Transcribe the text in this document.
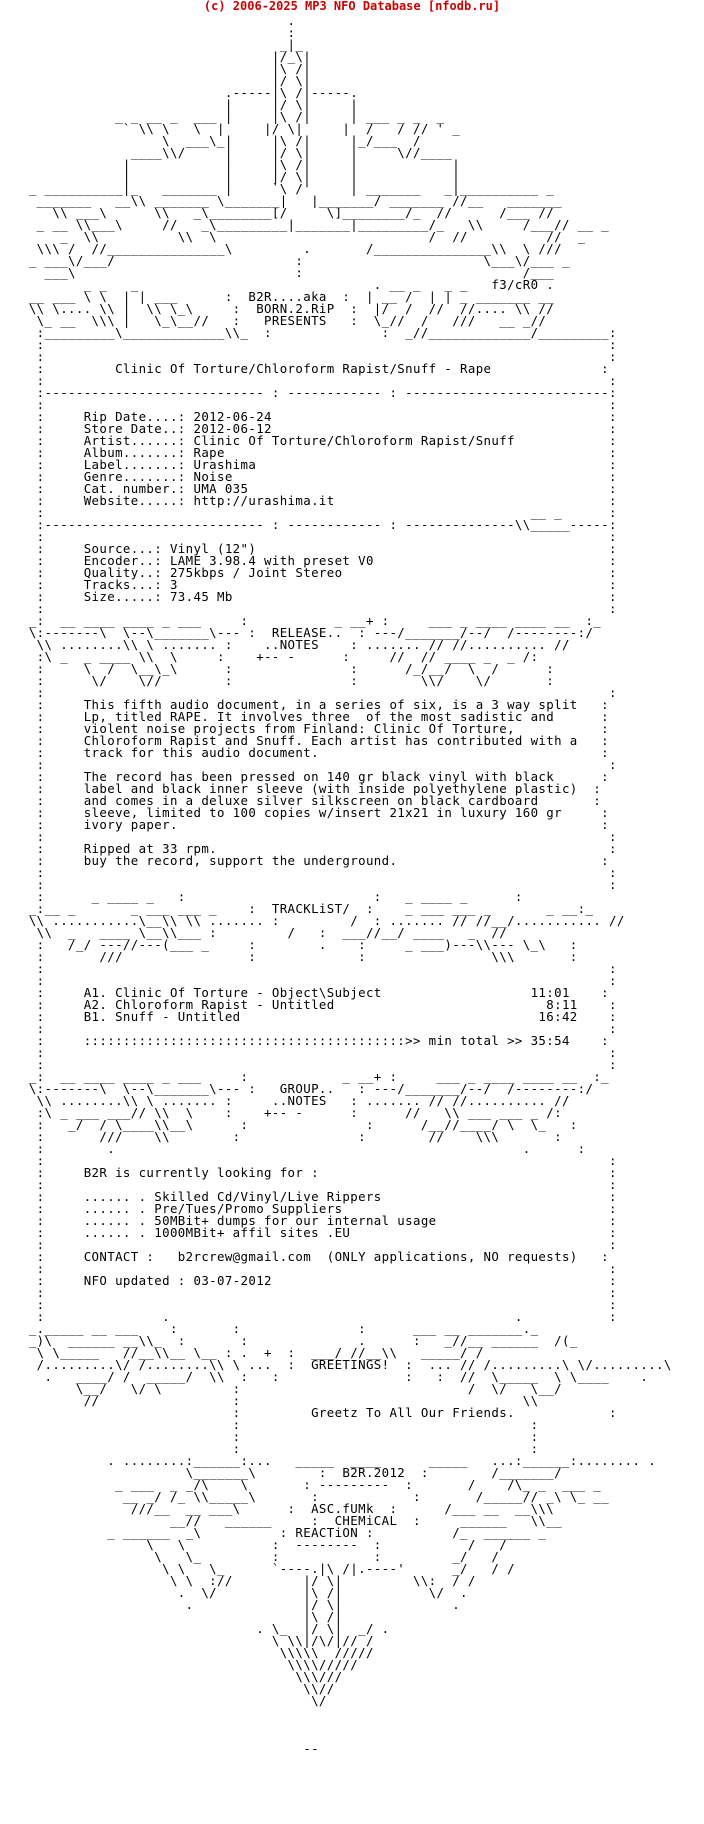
(c) 2006-2025 MP3 NFO Database [nfodb.ru]
.
:
_|_
|/_\|
|\ /|
|/ \|
.-----|\ /|-----.
|     |/ \|     |
_ _ __ _  ___ |     |\ /|     | ___ _ _  _
` \\ \   \  |     |/ \|     |  /   / // ' _
\  ___\_|     |\ /|     |_/___  /
____\\/     |     |/ \|     |     \//____
|            |     |\ /|     |            |
|            |     |/ \|     |            |
_ __________|_   _______ |     `\ /'     | _______   _|__________ _
_______   __\\ _______ \_______|   |_______/ _______ //__   _______
\\ ___\      \\   _\________[/     \]________/_  //      /___ //
_ __ \\___\     //   _\_________|_______|_________/_   \\     /___// __ _
_  \\          \\  \                           /  //          //  _
\\\ /  //_______________\         .       /_______________\\  \ ///
_ ___\/___/                       :                       \___\/___ _
___\                            :                            /___
_ _   _                              . __ _   _ _   f3/cR0 .
__ ___ \ \  | | ___      :  B2R....aka  :  | __ /  | | _ _______ __
\\ \.... \\ |  \\ \_\     :  BORN.2.RiP  :  |/  /  //  //.... \\ //
\_ __  \\\ |   \_\__//   :   PRESENTS   :  \_//  /   ///   __ _//
:_________\_____________\\_  :              :  _//_____________/_________:
:                                                                        :
:                                                                        :
:         Clinic Of Torture/Chloroform Rapist/Snuff - Rape              :
:                                                                        :
:---------------------------- : ------------ : --------------------------:
:                                                                        :
:     Rip Date....: 2012-06-24                                           :
:     Store Date..: 2012-06-12                                           :
:     Artist......: Clinic Of Torture/Chloroform Rapist/Snuff            :
:     Album.......: Rape                                                 :
:     Label.......: Urashima                                             :
:     Genre.......: Noise                                                :
:     Cat. number.: UMA 035                                              :
:     Website.....: http://urashima.it                                   :
:                                                              __ _      :
:---------------------------- : ------------ : --------------\\_____-----:
:                                                                        :
:     Source...: Vinyl (12")                                             :
:     Encoder..: LAME 3.98.4 with preset V0                              :
:     Quality..: 275kbps / Joint Stereo                                  :
:     Tracks...: 3                                                       :
:     Size.....: 73.45 Mb                                                :
:                                                                        :
_:  __ ____ ____ _ ___     :           _ __+ :     ___ _ ____ ____ __  :_
\:-------\  \--\_______\--- :  RELEASE..  : ---/_______/--/  /--------:/
\\ ........\\ \ ....... :    ..NOTES    : ....... // //.......... //
:\ _  _ ____ \\  \     :    +-- -      :     //  // ____ _  _ /:
:     \  /  \__\_\      :               :      /_/__/  \  /      :
:      \/    \//        :               :        \\/    \/       :
:                                                                        :
:     This fifth audio document, in a series of six, is a 3 way split   :
:     Lp, titled RAPE. It involves three  of the most sadistic and      :
:     violent noise projects from Finland: Clinic Of Torture,           :
:     Chloroform Rapist and Snuff. Each artist has contributed with a   :
:     track for this audio document.                                    :
:                                                                        :
:     The record has been pressed on 140 gr black vinyl with black      :
:     label and black inner sleeve (with inside polyethylene plastic)  :
:     and comes in a deluxe silver silkscreen on black cardboard       :
:     sleeve, limited to 100 copies w/insert 21x21 in luxury 160 gr     :
:     ivory paper.                                                      :
:                                                                        :
:     Ripped at 33 rpm.                                                  :
:     buy the record, support the underground.                          :
:                                                                        :
:                                                                        :
:      _ ____ _   :                        :   _ ____ _      :
_:__ _       _ ___ ___ _    :  TRACKLiST/  :    _ ___ ___ _       _ __:_
\\ ...........\__\\ \\ ....... :         /  : ....... // //__/........... //
\\  _   ____ \__\\___ :         /   :  ___//__/ ____   _  //
:   /_/ ---//---(___ _     :        .    :     _ ___)---\\--- \_\   :
:       ///                :             :                \\\       :
:                                                                        :
:                                                                        :
:     A1. Clinic Of Torture - Object\Subject                   11:01    :
:     A2. Chloroform Rapist - Untitled                           8:11    :
:     B1. Snuff - Untitled                                      16:42    :
:                                                                        :
:     :::::::::::::::::::::::::::::::::::::::::>> min total >> 35:54    :
:                                                                        :
:                                                                        :
_:  __ ____ ____ _ ___     :            _ __+ :     ___ _ ____ ____ __  :_
\:-------\  \--\_______\--- :   GROUP..   : ---/_______/--/  /--------:/
\\ ........\\ \ ....... :     ..NOTES   : ....... // //.......... //
:\ _ ___ ___// \\  \    :    +-- -      :      //   \\ ___ ___ _ /:
:   _/  / \____\\__\      :               :      /__//____/ \  \_   :
:       ///    \\        :               :        //    \\\       :
:        .                                                    .      :
:                                                                        :
:     B2R is currently looking for :                                     :
:                                                                        :
:     ...... . Skilled Cd/Vinyl/Live Rippers                             :
:     ...... . Pre/Tues/Promo Suppliers                                  :
:     ...... . 50MBit+ dumps for our internal usage                      :
:     ...... . 1000MBit+ affil sites .EU                                 :
:                                                                        :
:     CONTACT :   b2rcrew@gmail.com  (ONLY applications, NO requests)   :
:                                                                        :
:     NFO updated : 03-07-2012                                           :
:                                                                        :
:                                                                        :
:               .                                            .           :
_._____ __ ___    :       :               :      ___ __ _______._
_)\  ______ __\\_  :       :              .      :   _//__ ______  /(_
\ \_____   //__\\__ \__ : .  +  :  ___/ //__\\   _____/ /
/.........\/ /........\\ \ ...  :  GREETINGS!  :  ... // /.........\ \/.........\
.   ____/ /  _____/  \\  :   :                :   :  //  \_____  \ \____    .
\__/   \/ \         :                             /  \/   \__/
//                 :                                    \\
:         Greetz To All Our Friends.            :
:                                     :
:                                     :
:                                     :
. ........:______:...   _____  ____      _____   ...:______:........ .
\_______\        :  B2R.2012  :        /_______/
_ ___  _ _/\    \       : ---------  :       /    /\_ _  ___ _
__ _/ /_ \\_____\       :            :       /_____// _\ \_ __
///__  __ ___\      :  ASC.fUMk  :      /___ __  __\\\
__//   ______     :  CHEMiCAL  :     ______   \\__
_ ______  _\          : REACTiON :          /_  ______ _
\   \           :  --------  :           /   /
\   \_         :            :         _/   /
\ \   \_      `----.|\ /|.----'      _/   / /
\ \  ://         |/ \|         \\:  / /
.  \/           |\ /|           \/  .
.              |/ \|              .
|\ /|
. \_  |/ \|  _/ .
\ \\|/\/|// /
\\\\\  /////
\\\\/////
\\\///
\\//
\/

--
